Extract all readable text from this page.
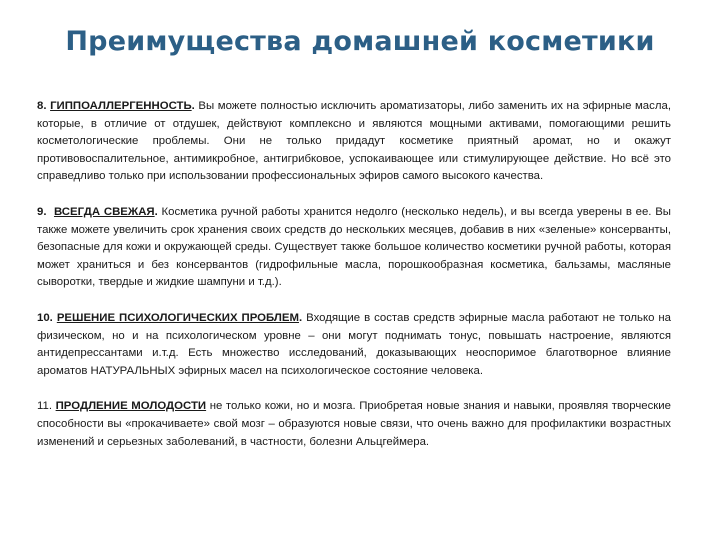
Преимущества домашней косметики

8. ГИППОАЛЛЕРГЕННОСТЬ. Вы можете полностью исключить ароматизаторы, либо заменить их на эфирные масла, которые, в отличие от отдушек, действуют комплексно и являются мощными активами, помогающими решить косметологические проблемы. Они не только придадут косметике приятный аромат, но и окажут противовоспалительное, антимикробное, антигрибковое, успокаивающее или стимулирующее действие. Но всё это справедливо только при использовании профессиональных эфиров самого высокого качества.

9. ВСЕГДА СВЕЖАЯ. Косметика ручной работы хранится недолго (несколько недель), и вы всегда уверены в ее. Вы также можете увеличить срок хранения своих средств до нескольких месяцев, добавив в них «зеленые» консерванты, безопасные для кожи и окружающей среды. Существует также большое количество косметики ручной работы, которая может храниться и без консервантов (гидрофильные масла, порошкообразная косметика, бальзамы, масляные сыворотки, твердые и жидкие шампуни и т.д.).

10. РЕШЕНИЕ ПСИХОЛОГИЧЕСКИХ ПРОБЛЕМ. Входящие в состав средств эфирные масла работают не только на физическом, но и на психологическом уровне – они могут поднимать тонус, повышать настроение, являются антидепрессантами и.т.д. Есть множество исследований, доказывающих неоспоримое благотворное влияние ароматов НАТУРАЛЬНЫХ эфирных масел на психологическое состояние человека.

11. ПРОДЛЕНИЕ МОЛОДОСТИ не только кожи, но и мозга. Приобретая новые знания и навыки, проявляя творческие способности вы «прокачиваете» свой мозг – образуются новые связи, что очень важно для профилактики возрастных изменений и серьезных заболеваний, в частности, болезни Альцгеймера.
